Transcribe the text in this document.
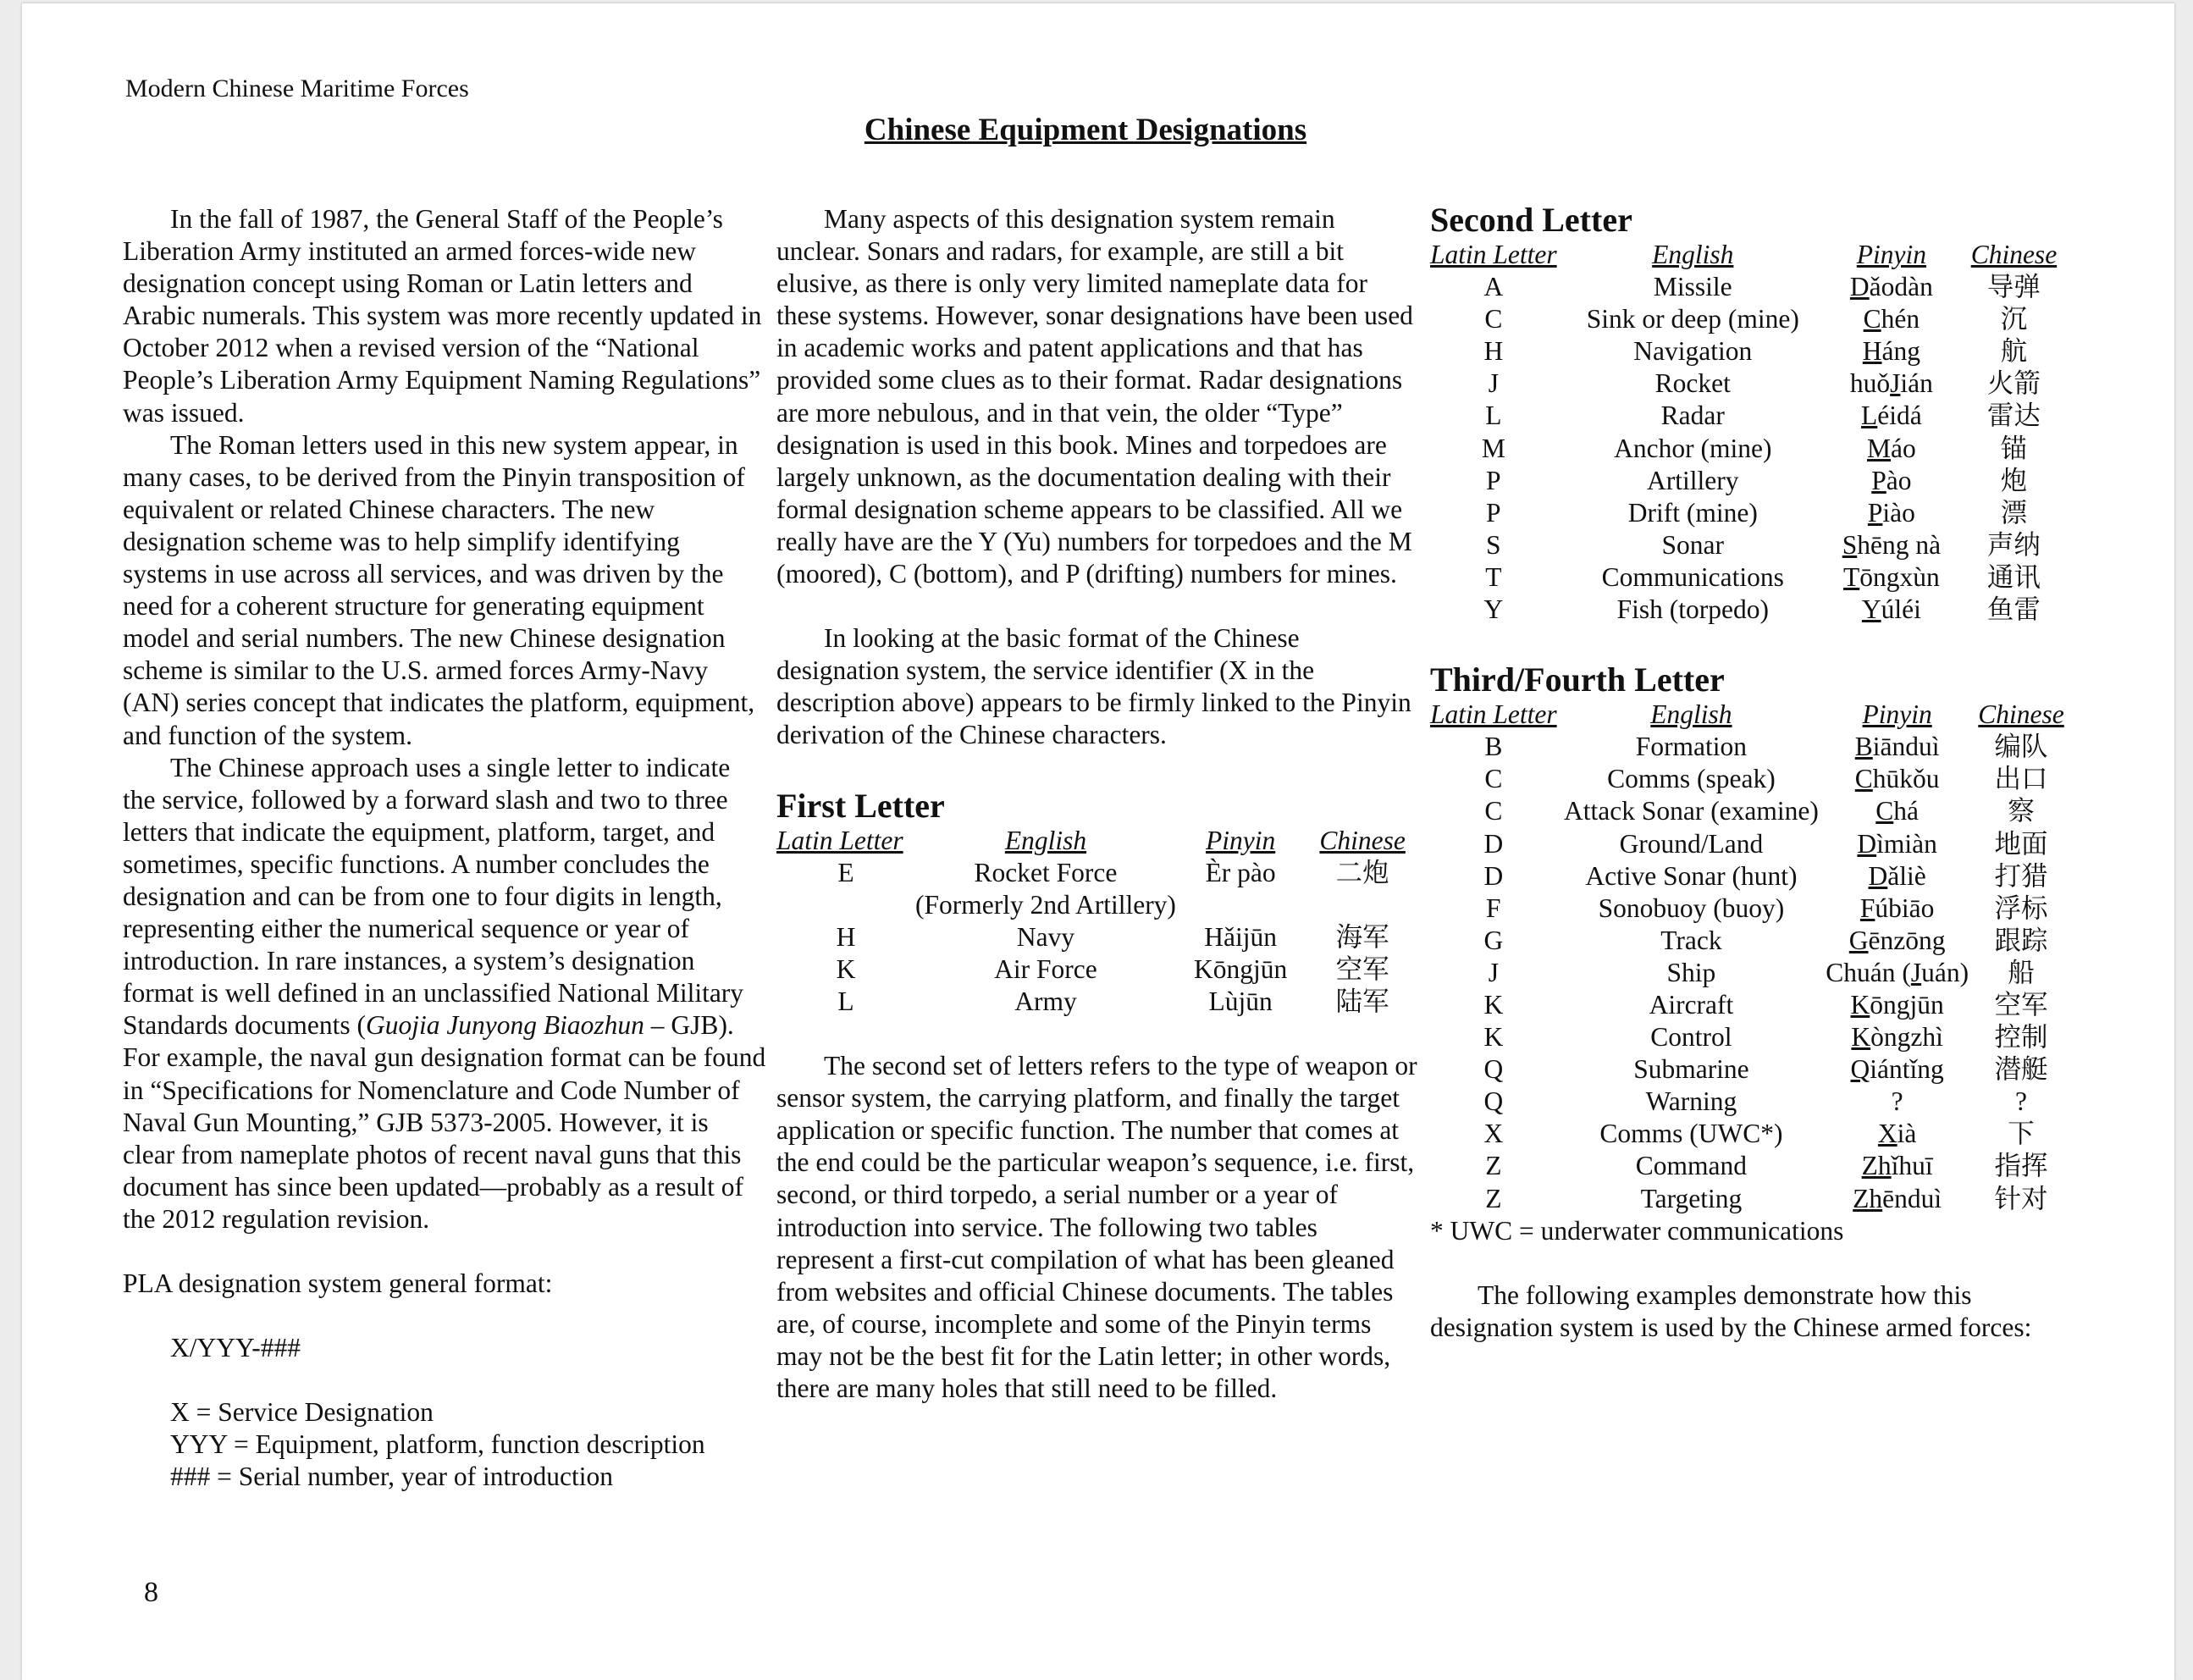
Modern Chinese Maritime Forces
Chinese Equipment Designations

In the fall of 1987, the General Staff of the People’s Liberation Army instituted an armed forces-wide new designation concept using Roman or Latin letters and Arabic numerals. This system was more recently updated in October 2012 when a revised version of the “National People’s Liberation Army Equipment Naming Regulations” was issued.

The Roman letters used in this new system appear, in many cases, to be derived from the Pinyin transposition of equivalent or related Chinese characters. The new designation scheme was to help simplify identifying systems in use across all services, and was driven by the need for a coherent structure for generating equipment model and serial numbers. The new Chinese designation scheme is similar to the U.S. armed forces Army-Navy (AN) series concept that indicates the platform, equipment, and function of the system.

The Chinese approach uses a single letter to indicate the service, followed by a forward slash and two to three letters that indicate the equipment, platform, target, and sometimes, specific functions. A number concludes the designation and can be from one to four digits in length, representing either the numerical sequence or year of introduction. In rare instances, a system’s designation format is well defined in an unclassified National Military Standards documents (Guojia Junyong Biaozhun – GJB). For example, the naval gun designation format can be found in “Specifications for Nomenclature and Code Number of Naval Gun Mounting,” GJB 5373-2005. However, it is clear from nameplate photos of recent naval guns that this document has since been updated—probably as a result of the 2012 regulation revision.

PLA designation system general format:

X/YYY-###

X = Service Designation

YYY = Equipment, platform, function description

### = Serial number, year of introduction

Many aspects of this designation system remain unclear. Sonars and radars, for example, are still a bit elusive, as there is only very limited nameplate data for these systems. However, sonar designations have been used in academic works and patent applications and that has provided some clues as to their format. Radar designations are more nebulous, and in that vein, the older “Type” designation is used in this book. Mines and torpedoes are largely unknown, as the documentation dealing with their formal designation scheme appears to be classified. All we really have are the Y (Yu) numbers for torpedoes and the M (moored), C (bottom), and P (drifting) numbers for mines.

In looking at the basic format of the Chinese designation system, the service identifier (X in the description above) appears to be firmly linked to the Pinyin derivation of the Chinese characters.

First Letter
Latin Letter	English	Pinyin	Chinese
E	Rocket Force	Èr pào	二炮
	(Formerly 2nd Artillery)		
H	Navy	Hǎijūn	海军
K	Air Force	Kōngjūn	空军
L	Army	Lùjūn	陆军

The second set of letters refers to the type of weapon or sensor system, the carrying platform, and finally the target application or specific function. The number that comes at the end could be the particular weapon’s sequence, i.e. first, second, or third torpedo, a serial number or a year of introduction into service. The following two tables represent a first-cut compilation of what has been gleaned from websites and official Chinese documents. The tables are, of course, incomplete and some of the Pinyin terms may not be the best fit for the Latin letter; in other words, there are many holes that still need to be filled.

Second Letter
Latin Letter	English	Pinyin	Chinese
A	Missile	Dǎodàn	导弹
C	Sink or deep (mine)	Chén	沉
H	Navigation	Háng	航
J	Rocket	huǒJián	火箭
L	Radar	Léidá	雷达
M	Anchor (mine)	Máo	锚
P	Artillery	Pào	炮
P	Drift (mine)	Piào	漂
S	Sonar	Shēng nà	声纳
T	Communications	Tōngxùn	通讯
Y	Fish (torpedo)	Yúléi	鱼雷
Third/Fourth Letter
Latin Letter	English	Pinyin	Chinese
B	Formation	Biānduì	编队
C	Comms (speak)	Chūkǒu	出口
C	Attack Sonar (examine)	Chá	察
D	Ground/Land	Dìmiàn	地面
D	Active Sonar (hunt)	Dǎliè	打猎
F	Sonobuoy (buoy)	Fúbiāo	浮标
G	Track	Gēnzōng	跟踪
J	Ship	Chuán (Juán)	船
K	Aircraft	Kōngjūn	空军
K	Control	Kòngzhì	控制
Q	Submarine	Qiántǐng	潜艇
Q	Warning	?	?
X	Comms (UWC*)	Xià	下
Z	Command	Zhǐhuī	指挥
Z	Targeting	Zhēnduì	针对

* UWC = underwater communications

The following examples demonstrate how this designation system is used by the Chinese armed forces:

8
